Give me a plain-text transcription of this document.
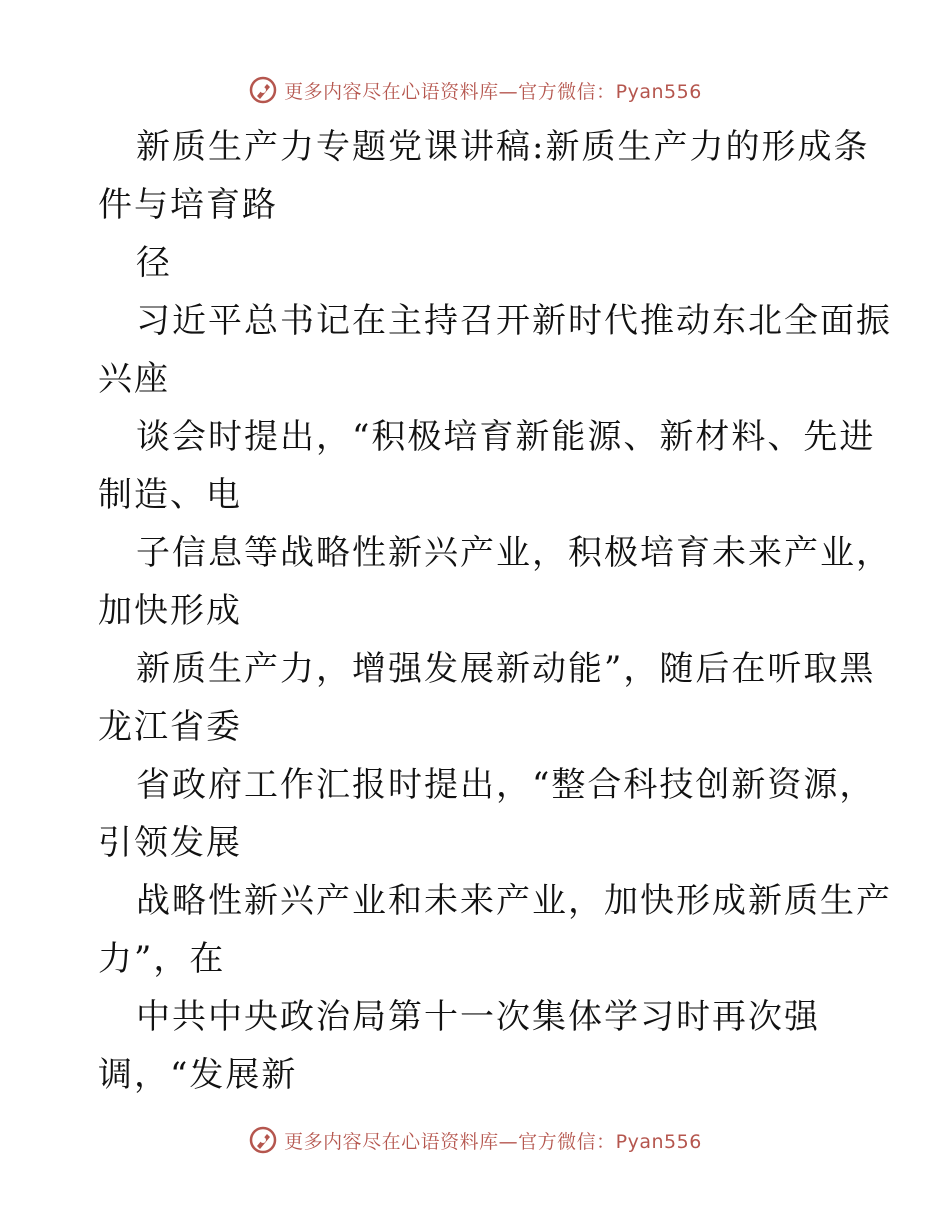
更多内容尽在心语资料库—官方微信：Pyan556
新质生产力专题党课讲稿:新质生产力的形成条
件与培育路
径
习近平总书记在主持召开新时代推动东北全面振
兴座
谈会时提出，“积极培育新能源、新材料、先进
制造、电
子信息等战略性新兴产业，积极培育未来产业，
加快形成
新质生产力，增强发展新动能”，随后在听取黑
龙江省委
省政府工作汇报时提出，“整合科技创新资源，
引领发展
战略性新兴产业和未来产业，加快形成新质生产
力”，在
中共中央政治局第十一次集体学习时再次强
调，“发展新
更多内容尽在心语资料库—官方微信：Pyan556
